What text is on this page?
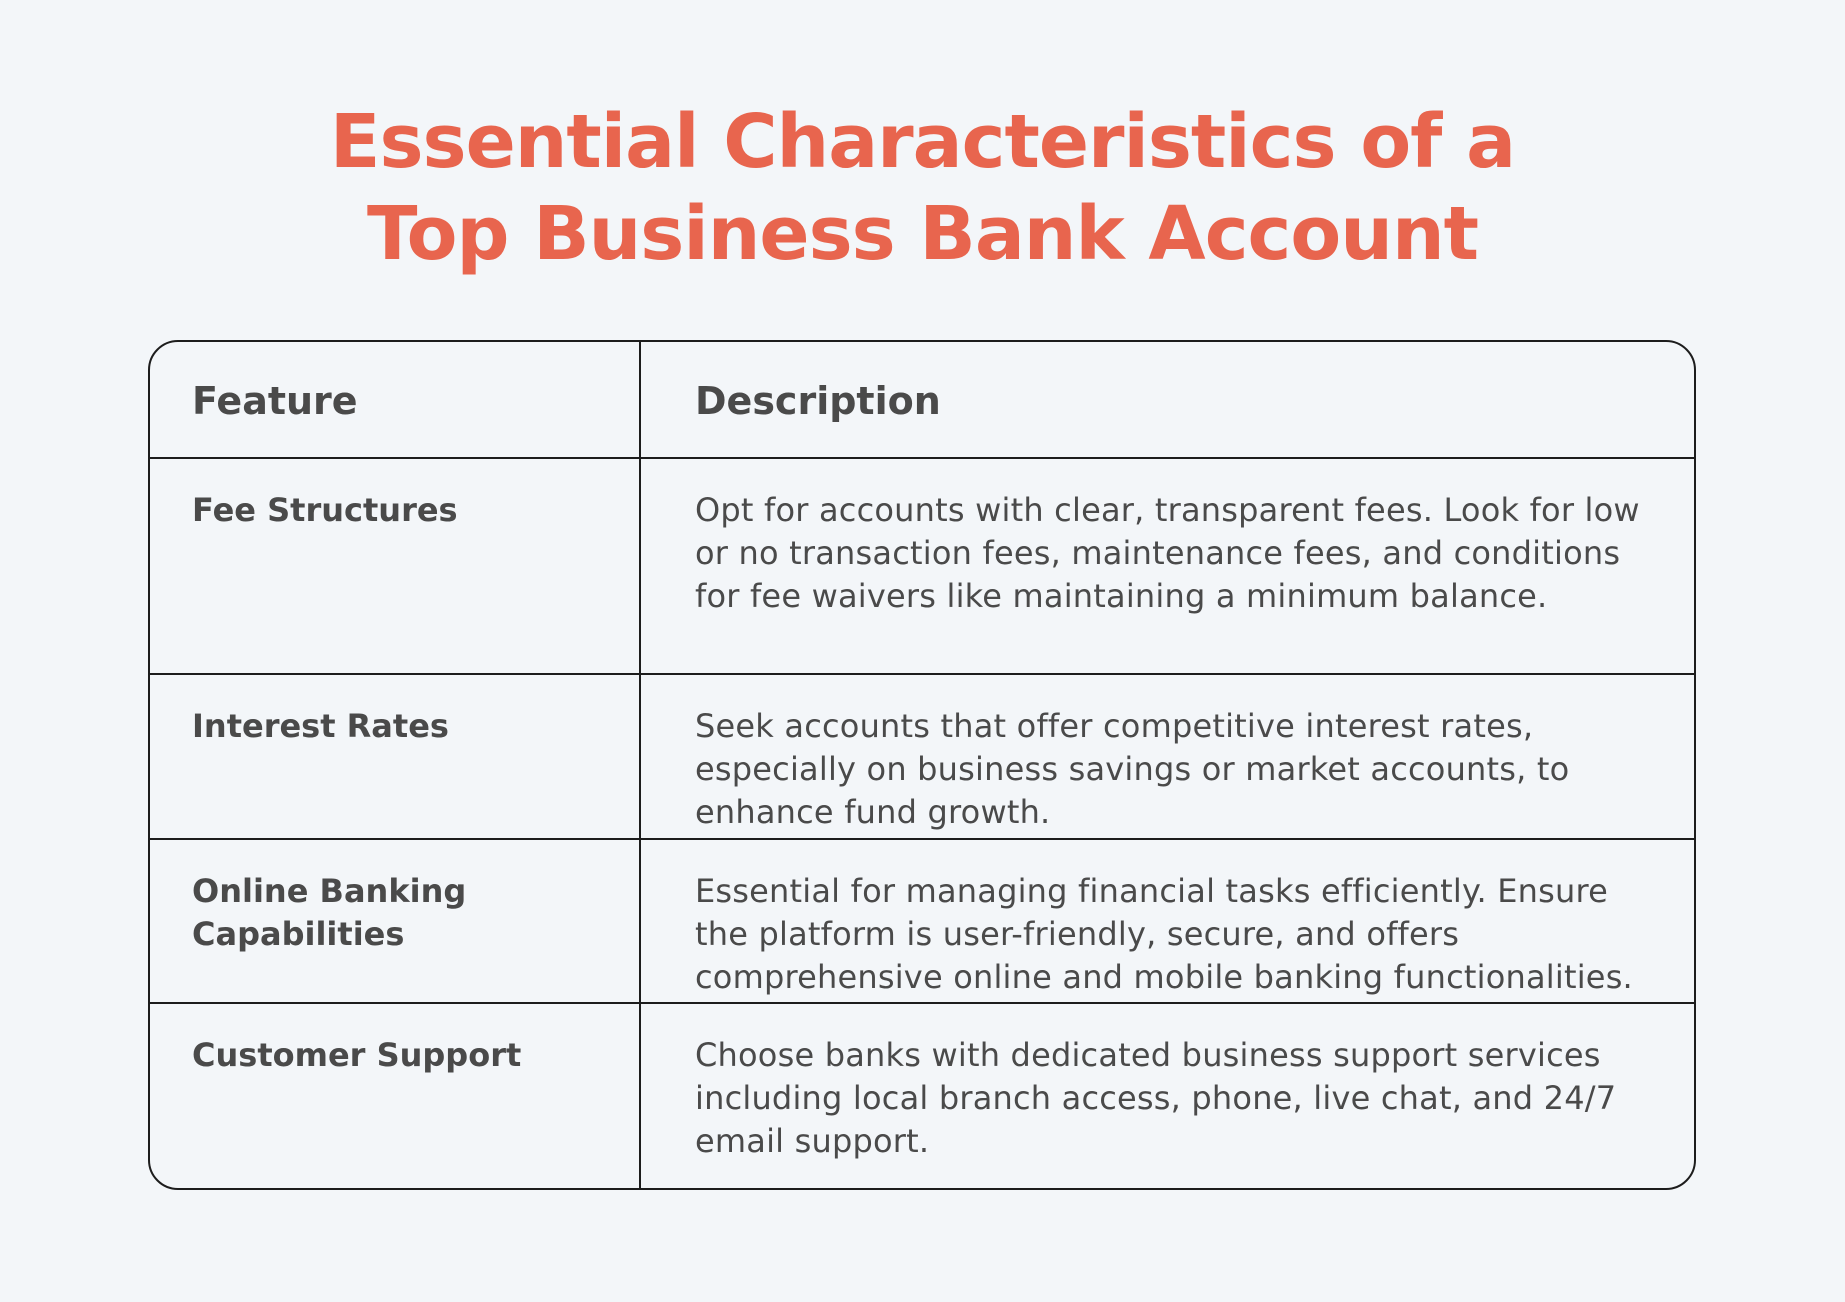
Essential Characteristics of a
Top Business Bank Account
Feature	Description
Fee Structures	Opt for accounts with clear, transparent fees. Look for low or no transaction fees, maintenance fees, and conditions for fee waivers like maintaining a minimum balance.
Interest Rates	Seek accounts that offer competitive interest rates, especially on business savings or market accounts, to enhance fund growth.
Online Banking Capabilities	Essential for managing financial tasks efficiently. Ensure the platform is user-friendly, secure, and offers comprehensive online and mobile banking functionalities.
Customer Support	Choose banks with dedicated business support services including local branch access, phone, live chat, and 24/7 email support.
